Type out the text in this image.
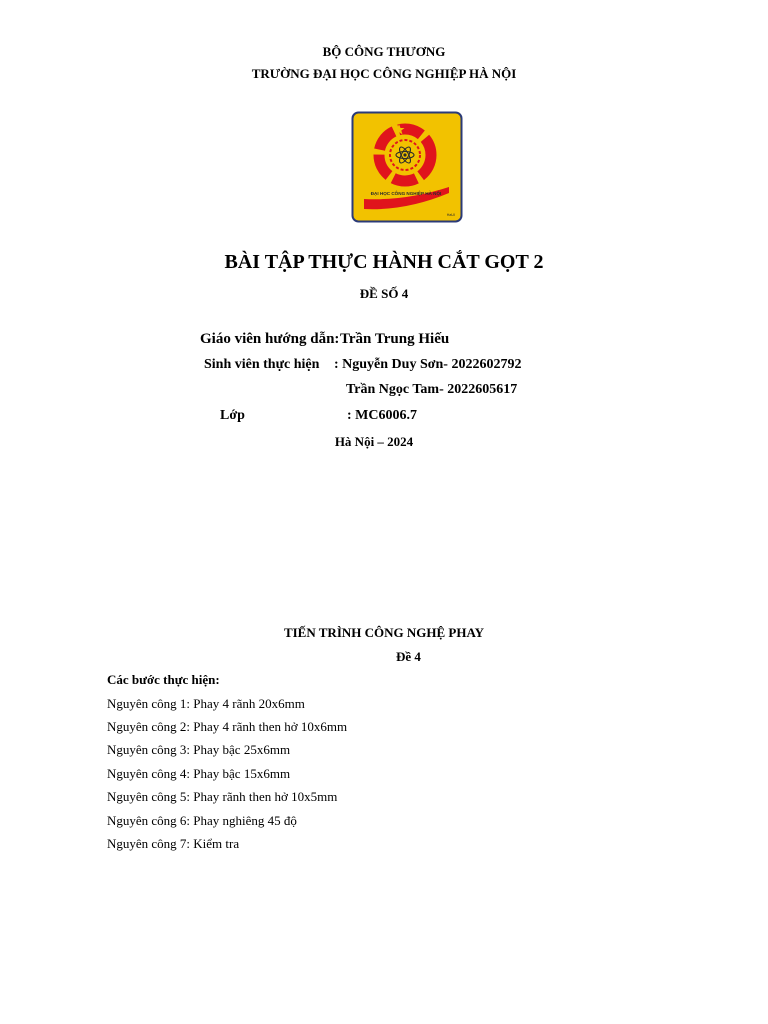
BỘ CÔNG THƯƠNG
TRƯỜNG ĐẠI HỌC CÔNG NGHIỆP HÀ NỘI
ĐẠI HỌC CÔNG NGHIỆP HÀ NỘI
HaUI
BÀI TẬP THỰC HÀNH CẮT GỌT 2
ĐỀ SỐ 4
Giáo viên hướng dẫn: Trần Trung Hiếu
Sinh viên thực hiện : Nguyễn Duy Sơn- 2022602792
Trần Ngọc Tam- 2022605617
Lớp	: MC6006.7
Hà Nội – 2024
TIẾN TRÌNH CÔNG NGHỆ PHAY
Đề 4
Các bước thực hiện:
Nguyên công 1: Phay 4 rãnh 20x6mm
Nguyên công 2: Phay 4 rãnh then hở 10x6mm
Nguyên công 3: Phay bậc 25x6mm
Nguyên công 4: Phay bậc 15x6mm
Nguyên công 5: Phay rãnh then hở 10x5mm
Nguyên công 6: Phay nghiêng 45 độ
Nguyên công 7: Kiểm tra
